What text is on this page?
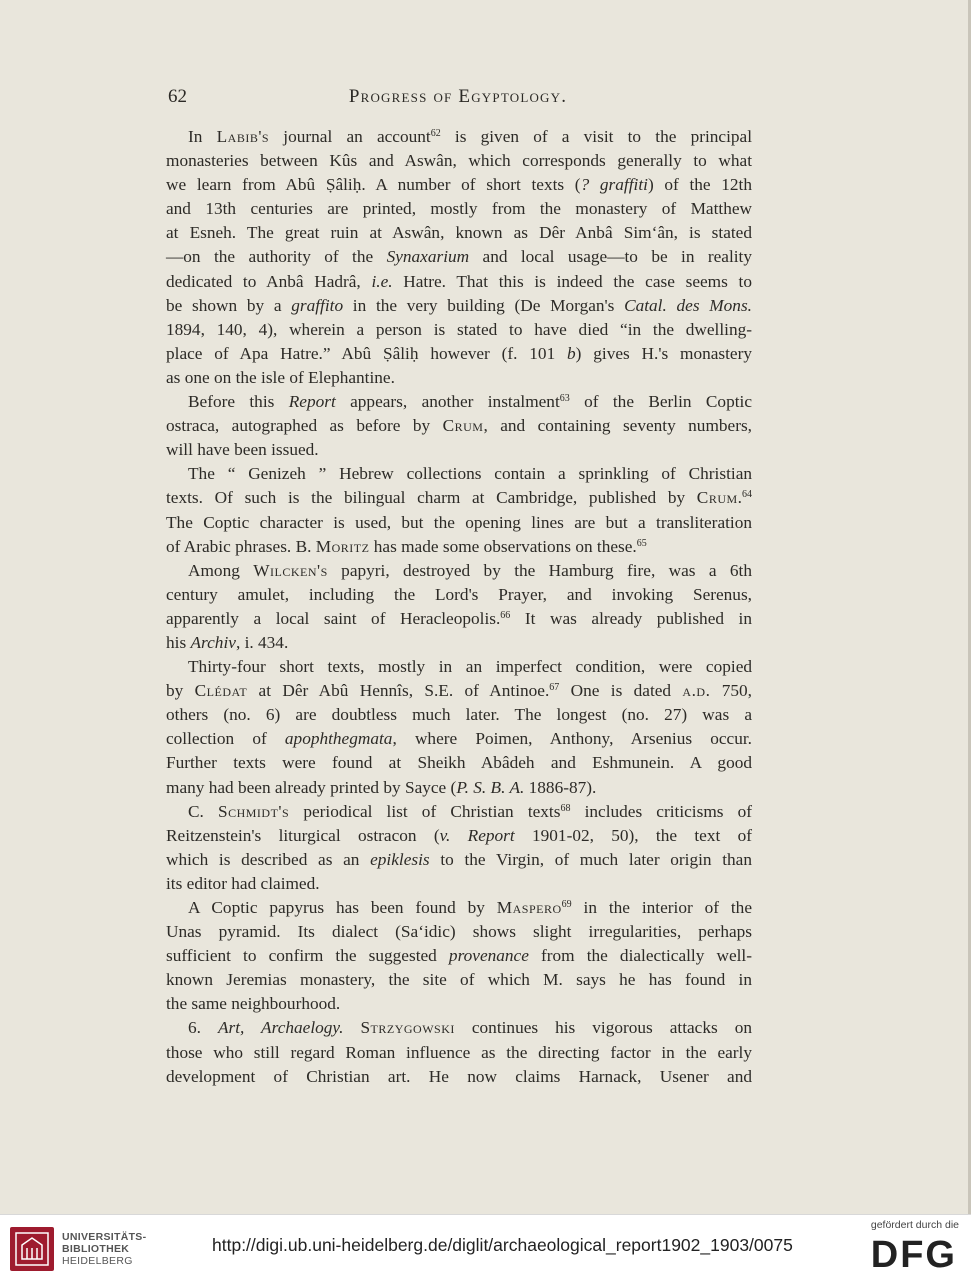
62	Progress of Egyptology.
In Labib's journal an account$^{62}$ is given of a visit to the principal
monasteries between Kûs and Aswân, which corresponds generally to what
we learn from Abû Ṣâliḥ. A number of short texts (? graffiti) of the 12th
and 13th centuries are printed, mostly from the monastery of Matthew
at Esneh. The great ruin at Aswân, known as Dêr Anbâ Sim‘ân, is stated
—on the authority of the Synaxarium and local usage—to be in reality
dedicated to Anbâ Hadrâ, i.e. Hatre. That this is indeed the case seems to
be shown by a graffito in the very building (De Morgan's Catal. des Mons.
1894, 140, 4), wherein a person is stated to have died “in the dwelling-
place of Apa Hatre.” Abû Ṣâliḥ however (f. 101 b) gives H.'s monastery
as one on the isle of Elephantine.
Before this Report appears, another instalment$^{63}$ of the Berlin Coptic
ostraca, autographed as before by Crum, and containing seventy numbers,
will have been issued.
The “ Genizeh ” Hebrew collections contain a sprinkling of Christian
texts. Of such is the bilingual charm at Cambridge, published by Crum.$^{64}$
The Coptic character is used, but the opening lines are but a transliteration
of Arabic phrases. B. Moritz has made some observations on these.$^{65}$
Among Wilcken's papyri, destroyed by the Hamburg fire, was a 6th
century amulet, including the Lord's Prayer, and invoking Serenus,
apparently a local saint of Heracleopolis.$^{66}$ It was already published in
his Archiv, i. 434.
Thirty-four short texts, mostly in an imperfect condition, were copied
by Clédat at Dêr Abû Hennîs, S.E. of Antinoe.$^{67}$ One is dated a.d. 750,
others (no. 6) are doubtless much later. The longest (no. 27) was a
collection of apophthegmata, where Poimen, Anthony, Arsenius occur.
Further texts were found at Sheikh Abâdeh and Eshmunein. A good
many had been already printed by Sayce (P. S. B. A. 1886-87).
C. Schmidt's periodical list of Christian texts$^{68}$ includes criticisms of
Reitzenstein's liturgical ostracon (v. Report 1901-02, 50), the text of
which is described as an epiklesis to the Virgin, of much later origin than
its editor had claimed.
A Coptic papyrus has been found by Maspero$^{69}$ in the interior of the
Unas pyramid. Its dialect (Sa‘idic) shows slight irregularities, perhaps
sufficient to confirm the suggested provenance from the dialectically well-
known Jeremias monastery, the site of which M. says he has found in
the same neighbourhood.
6. Art, Archaelogy. Strzygowski continues his vigorous attacks on
those who still regard Roman influence as the directing factor in the early
development of Christian art. He now claims Harnack, Usener and
UNIVERSITÄTS-
BIBLIOTHEK
HEIDELBERG
http://digi.ub.uni-heidelberg.de/diglit/archaeological_report1902_1903/0075
gefördert durch die
DFG
